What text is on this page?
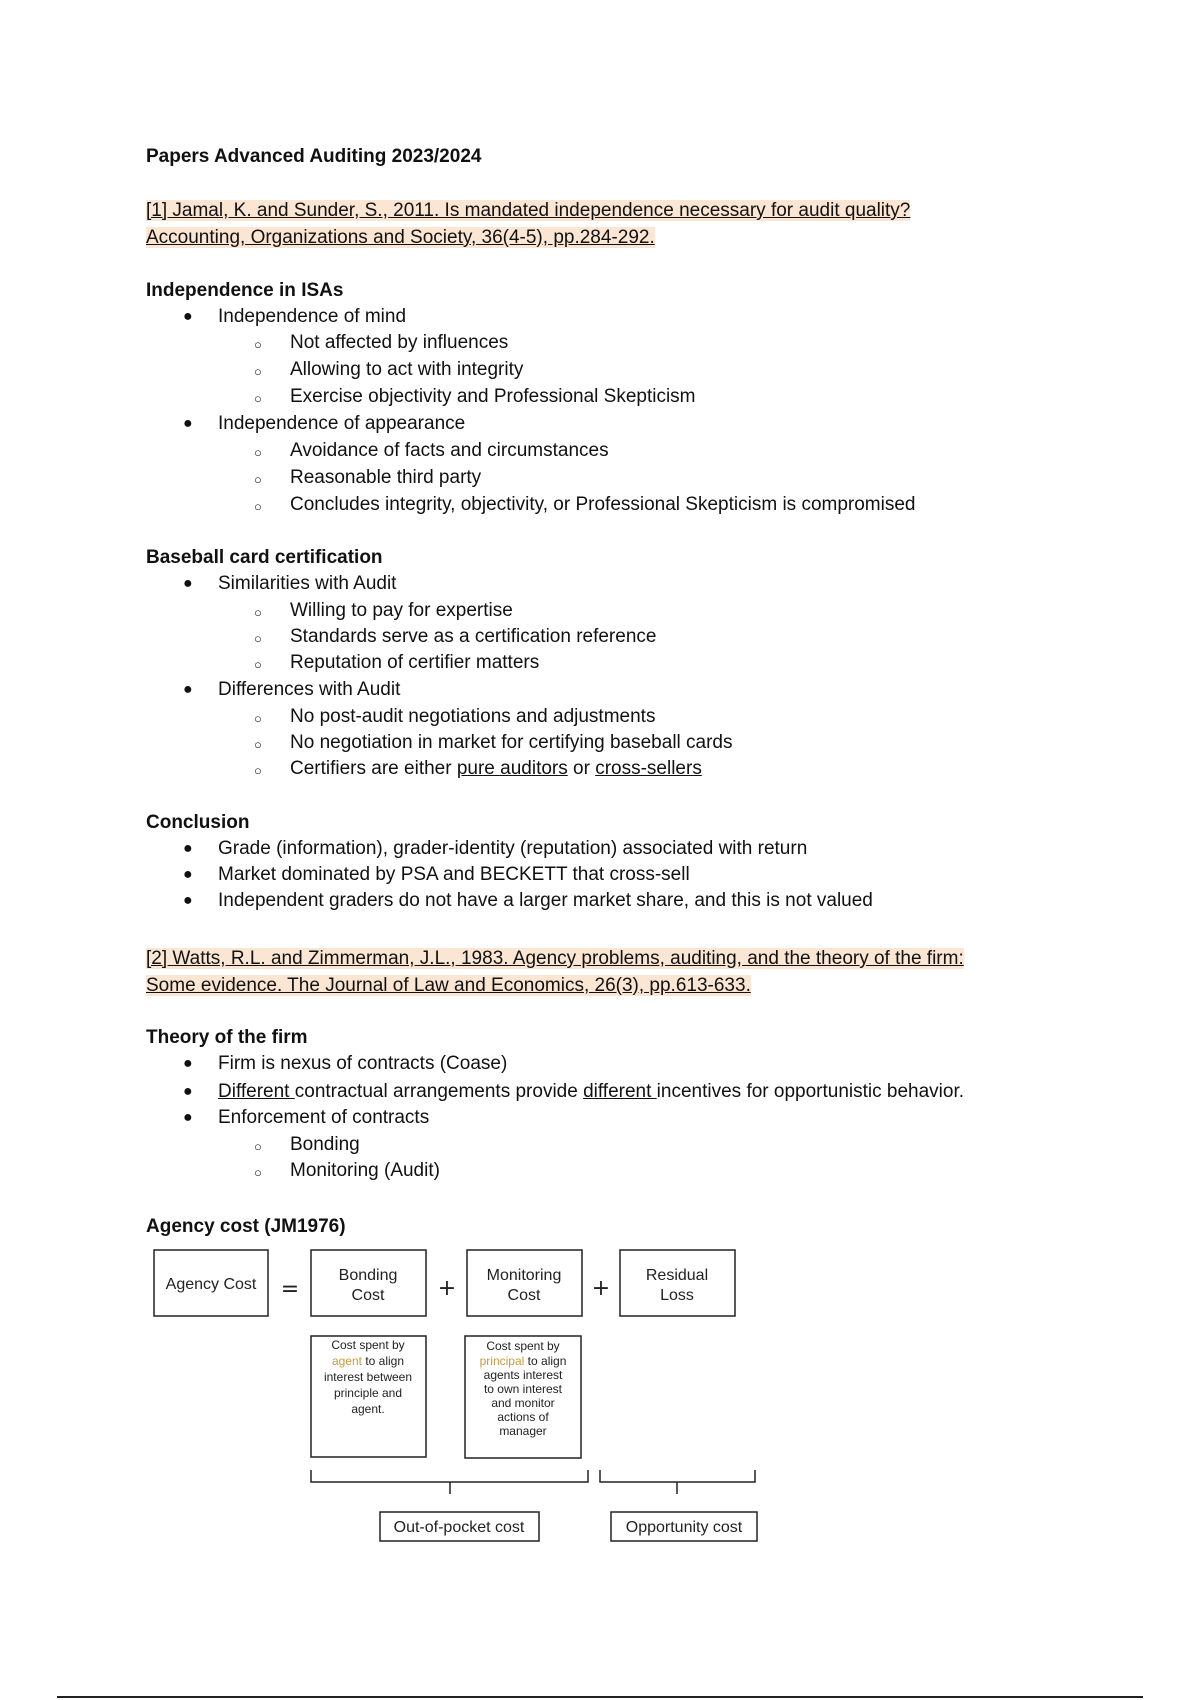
Papers Advanced Auditing 2023/2024
[1] Jamal, K. and Sunder, S., 2011. Is mandated independence necessary for audit quality?
Accounting, Organizations and Society, 36(4-5), pp.284-292.
Independence in ISAs
● Independence of mind
○ Not affected by influences
○ Allowing to act with integrity
○ Exercise objectivity and Professional Skepticism
● Independence of appearance
○ Avoidance of facts and circumstances
○ Reasonable third party
○ Concludes integrity, objectivity, or Professional Skepticism is compromised
Baseball card certification
● Similarities with Audit
○ Willing to pay for expertise
○ Standards serve as a certification reference
○ Reputation of certifier matters
● Differences with Audit
○ No post-audit negotiations and adjustments
○ No negotiation in market for certifying baseball cards
○ Certifiers are either pure auditors or cross-sellers
Conclusion
● Grade (information), grader-identity (reputation) associated with return
● Market dominated by PSA and BECKETT that cross-sell
● Independent graders do not have a larger market share, and this is not valued
[2] Watts, R.L. and Zimmerman, J.L., 1983. Agency problems, auditing, and the theory of the firm:
Some evidence. The Journal of Law and Economics, 26(3), pp.613-633.
Theory of the firm
● Firm is nexus of contracts (Coase)
● Different contractual arrangements provide different incentives for opportunistic behavior.
● Enforcement of contracts
○ Bonding
○ Monitoring (Audit)
Agency cost (JM1976)
Agency Cost =
Bonding
Cost +
Monitoring
Cost +
Residual
Loss
Cost spent by
agent to align
interest between
principle and
agent.
Cost spent by
principal to align
agents interest
to own interest
and monitor
actions of
manager
Out-of-pocket cost	Opportunity cost
